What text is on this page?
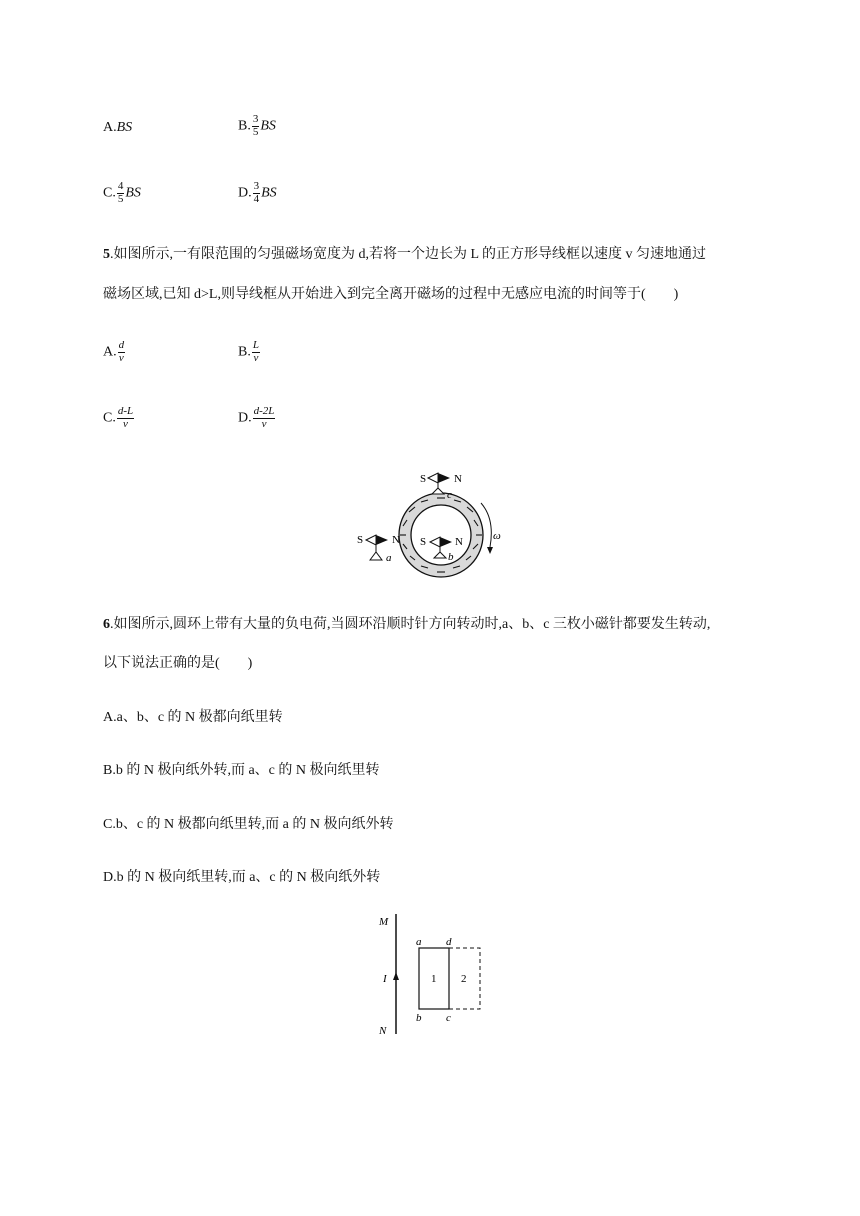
A.BS	B. $\frac{3}{5}$ BS
C. $\frac{4}{5}$ BS	D. $\frac{3}{4}$ BS
5.如图所示,一有限范围的匀强磁场宽度为 d,若将一个边长为 L 的正方形导线框以速度 v 匀速地通过
磁场区域,已知 d>L,则导线框从开始进入到完全离开磁场的过程中无感应电流的时间等于(　　)
A. $\frac{d}{v}$	B. $\frac{L}{v}$
C. $\frac{d-L}{v}$	D. $\frac{d-2L}{v}$
ω
S	N
c
S	N
a
S	N
b
6.如图所示,圆环上带有大量的负电荷,当圆环沿顺时针方向转动时,a、b、c 三枚小磁针都要发生转动,
以下说法正确的是(　　)
A.a、b、c 的 N 极都向纸里转
B.b 的 N 极向纸外转,而 a、c 的 N 极向纸里转
C.b、c 的 N 极都向纸里转,而 a 的 N 极向纸外转
D.b 的 N 极向纸里转,而 a、c 的 N 极向纸外转
M
I
N
a d
b c
1 2
